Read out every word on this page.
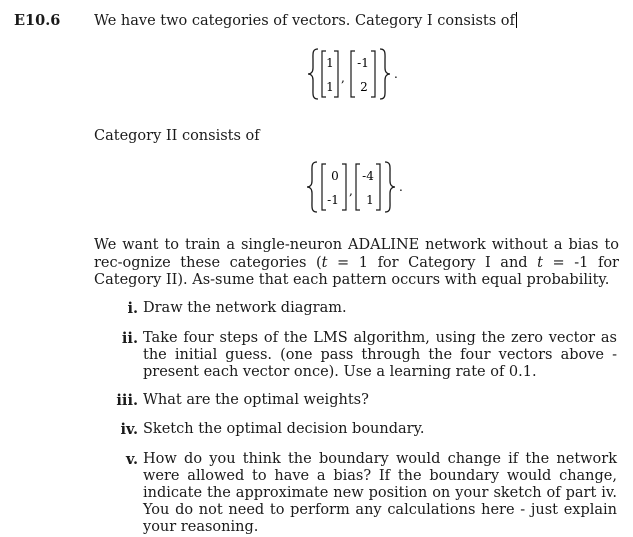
E10.6 We have two categories of vectors. Category I consists of
1
1
,
-1
2
.
Category II consists of
0
-1
,
-4
1
.
We want to train a single-neuron ADALINE network without a bias to rec-ognize these categories (t = 1 for Category I and t = -1 for Category II). As-sume that each pattern occurs with equal probability.
i. Draw the network diagram.
ii. Take four steps of the LMS algorithm, using the zero vector as the initial guess. (one pass through the four vectors above - present each vector once). Use a learning rate of 0.1.
iii. What are the optimal weights?
iv. Sketch the optimal decision boundary.
v. How do you think the boundary would change if the network were allowed to have a bias? If the boundary would change, indicate the approximate new position on your sketch of part iv. You do not need to perform any calculations here - just explain your reasoning.
